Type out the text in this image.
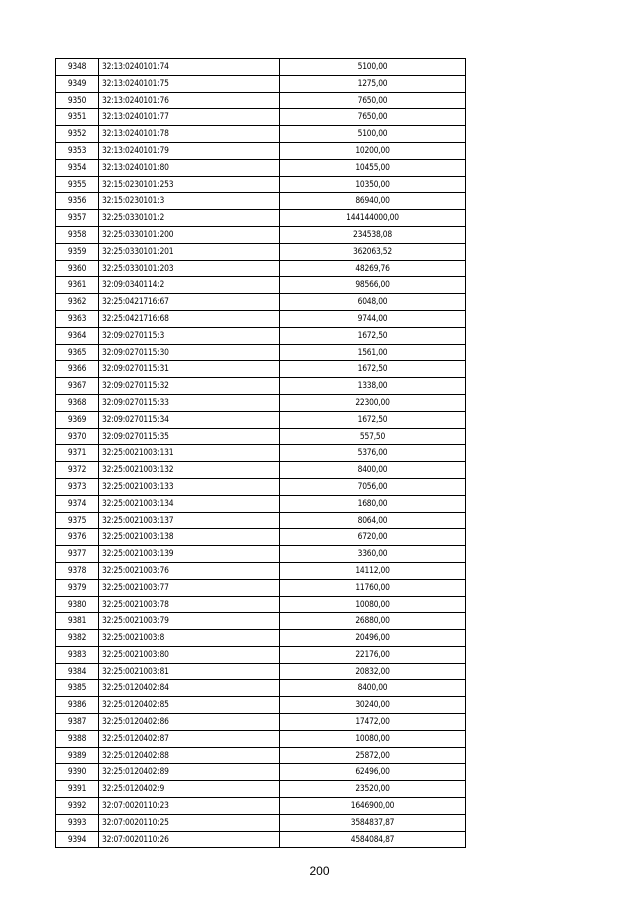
9348	32:13:0240101:74	5100,00
9349	32:13:0240101:75	1275,00
9350	32:13:0240101:76	7650,00
9351	32:13:0240101:77	7650,00
9352	32:13:0240101:78	5100,00
9353	32:13:0240101:79	10200,00
9354	32:13:0240101:80	10455,00
9355	32:15:0230101:253	10350,00
9356	32:15:0230101:3	86940,00
9357	32:25:0330101:2	144144000,00
9358	32:25:0330101:200	234538,08
9359	32:25:0330101:201	362063,52
9360	32:25:0330101:203	48269,76
9361	32:09:0340114:2	98566,00
9362	32:25:0421716:67	6048,00
9363	32:25:0421716:68	9744,00
9364	32:09:0270115:3	1672,50
9365	32:09:0270115:30	1561,00
9366	32:09:0270115:31	1672,50
9367	32:09:0270115:32	1338,00
9368	32:09:0270115:33	22300,00
9369	32:09:0270115:34	1672,50
9370	32:09:0270115:35	557,50
9371	32:25:0021003:131	5376,00
9372	32:25:0021003:132	8400,00
9373	32:25:0021003:133	7056,00
9374	32:25:0021003:134	1680,00
9375	32:25:0021003:137	8064,00
9376	32:25:0021003:138	6720,00
9377	32:25:0021003:139	3360,00
9378	32:25:0021003:76	14112,00
9379	32:25:0021003:77	11760,00
9380	32:25:0021003:78	10080,00
9381	32:25:0021003:79	26880,00
9382	32:25:0021003:8	20496,00
9383	32:25:0021003:80	22176,00
9384	32:25:0021003:81	20832,00
9385	32:25:0120402:84	8400,00
9386	32:25:0120402:85	30240,00
9387	32:25:0120402:86	17472,00
9388	32:25:0120402:87	10080,00
9389	32:25:0120402:88	25872,00
9390	32:25:0120402:89	62496,00
9391	32:25:0120402:9	23520,00
9392	32:07:0020110:23	1646900,00
9393	32:07:0020110:25	3584837,87
9394	32:07:0020110:26	4584084,87
200
